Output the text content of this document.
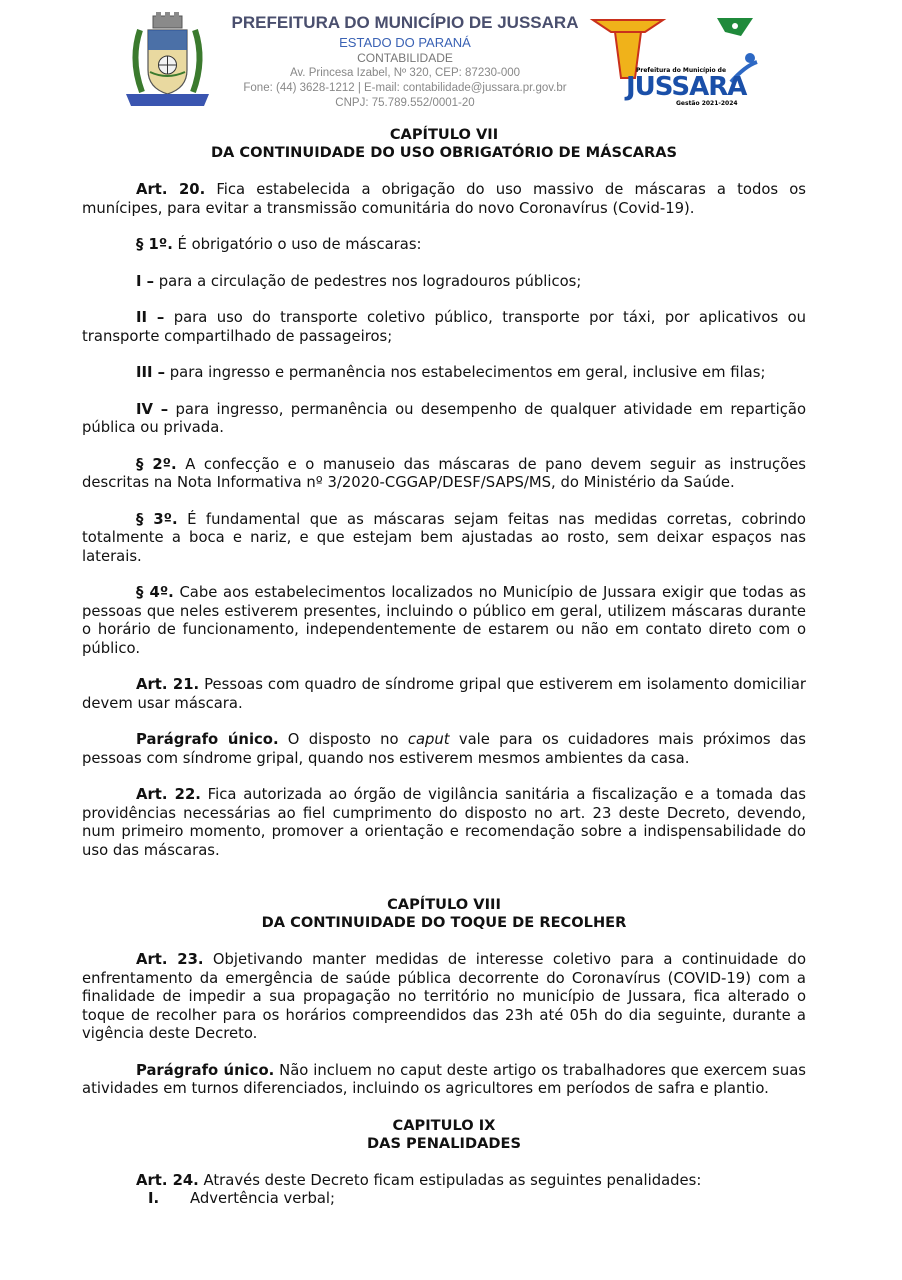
PREFEITURA DO MUNICÍPIO DE JUSSARA
ESTADO DO PARANÁ
CONTABILIDADE
Av. Princesa Izabel, Nº 320, CEP: 87230-000
Fone: (44) 3628-1212 | E-mail: contabilidade@jussara.pr.gov.br
CNPJ: 75.789.552/0001-20
Prefeitura do Município de
JUSSARA
Gestão 2021-2024

CAPÍTULO VII

DA CONTINUIDADE DO USO OBRIGATÓRIO DE MÁSCARAS

Art. 20. Fica estabelecida a obrigação do uso massivo de máscaras a todos os munícipes, para evitar a transmissão comunitária do novo Coronavírus (Covid-19).

§ 1º. É obrigatório o uso de máscaras:

I – para a circulação de pedestres nos logradouros públicos;

II – para uso do transporte coletivo público, transporte por táxi, por aplicativos ou transporte compartilhado de passageiros;

III – para ingresso e permanência nos estabelecimentos em geral, inclusive em filas;

IV – para ingresso, permanência ou desempenho de qualquer atividade em repartição pública ou privada.

§ 2º. A confecção e o manuseio das máscaras de pano devem seguir as instruções descritas na Nota Informativa nº 3/2020-CGGAP/DESF/SAPS/MS, do Ministério da Saúde.

§ 3º. É fundamental que as máscaras sejam feitas nas medidas corretas, cobrindo totalmente a boca e nariz, e que estejam bem ajustadas ao rosto, sem deixar espaços nas laterais.

§ 4º. Cabe aos estabelecimentos localizados no Município de Jussara exigir que todas as pessoas que neles estiverem presentes, incluindo o público em geral, utilizem máscaras durante o horário de funcionamento, independentemente de estarem ou não em contato direto com o público.

Art. 21. Pessoas com quadro de síndrome gripal que estiverem em isolamento domiciliar devem usar máscara.

Parágrafo único. O disposto no caput vale para os cuidadores mais próximos das pessoas com síndrome gripal, quando nos estiverem mesmos ambientes da casa.

Art. 22. Fica autorizada ao órgão de vigilância sanitária a fiscalização e a tomada das providências necessárias ao fiel cumprimento do disposto no art. 23 deste Decreto, devendo, num primeiro momento, promover a orientação e recomendação sobre a indispensabilidade do uso das máscaras.

CAPÍTULO VIII

DA CONTINUIDADE DO TOQUE DE RECOLHER

Art. 23. Objetivando manter medidas de interesse coletivo para a continuidade do enfrentamento da emergência de saúde pública decorrente do Coronavírus (COVID-19) com a finalidade de impedir a sua propagação no território no município de Jussara, fica alterado o toque de recolher para os horários compreendidos das 23h até 05h do dia seguinte, durante a vigência deste Decreto.

Parágrafo único. Não incluem no caput deste artigo os trabalhadores que exercem suas atividades em turnos diferenciados, incluindo os agricultores em períodos de safra e plantio.

CAPITULO IX

DAS PENALIDADES

Art. 24. Através deste Decreto ficam estipuladas as seguintes penalidades:

I. Advertência verbal;
